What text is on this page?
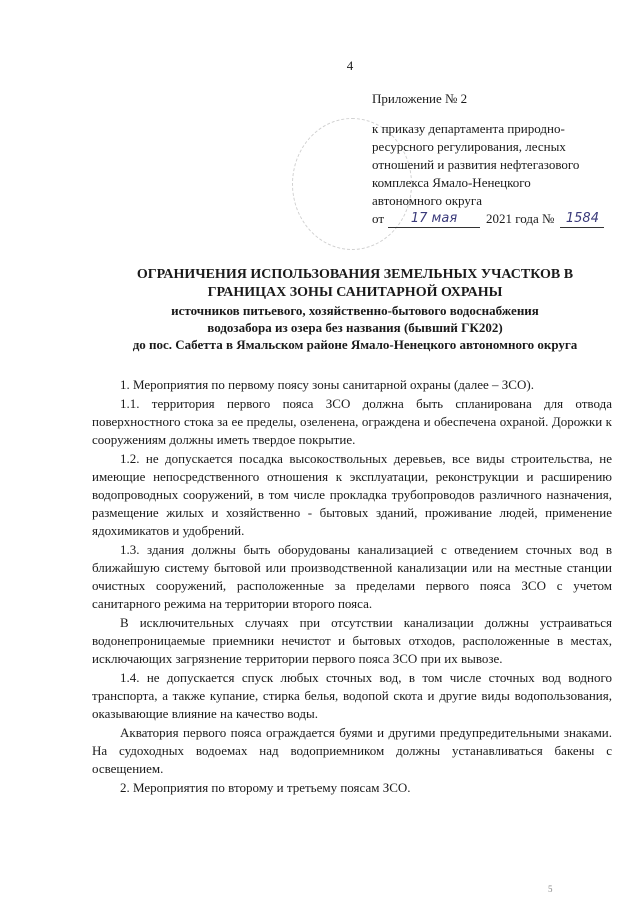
4
Приложение № 2
к приказу департамента природно-
ресурсного регулирования, лесных
отношений и развития нефтегазового
комплекса Ямало-Ненецкого
автономного округа
от	17 мая	2021 года № 1584
ОГРАНИЧЕНИЯ ИСПОЛЬЗОВАНИЯ ЗЕМЕЛЬНЫХ УЧАСТКОВ В
ГРАНИЦАХ ЗОНЫ САНИТАРНОЙ ОХРАНЫ
источников питьевого, хозяйственно-бытового водоснабжения
водозабора из озера без названия (бывший ГК202)
до пос. Сабетта в Ямальском районе Ямало-Ненецкого автономного округа

1. Мероприятия по первому поясу зоны санитарной охраны (далее – ЗСО).

1.1. территория первого пояса ЗСО должна быть спланирована для отвода поверхностного стока за ее пределы, озеленена, ограждена и обеспечена охраной. Дорожки к сооружениям должны иметь твердое покрытие.

1.2. не допускается посадка высокоствольных деревьев, все виды строительства, не имеющие непосредственного отношения к эксплуатации, реконструкции и расширению водопроводных сооружений, в том числе прокладка трубопроводов различного назначения, размещение жилых и хозяйственно - бытовых зданий, проживание людей, применение ядохимикатов и удобрений.

1.3. здания должны быть оборудованы канализацией с отведением сточных вод в ближайшую систему бытовой или производственной канализации или на местные станции очистных сооружений, расположенные за пределами первого пояса ЗСО с учетом санитарного режима на территории второго пояса.

В исключительных случаях при отсутствии канализации должны устраиваться водонепроницаемые приемники нечистот и бытовых отходов, расположенные в местах, исключающих загрязнение территории первого пояса ЗСО при их вывозе.

1.4. не допускается спуск любых сточных вод, в том числе сточных вод водного транспорта, а также купание, стирка белья, водопой скота и другие виды водопользования, оказывающие влияние на качество воды.

Акватория первого пояса ограждается буями и другими предупредительными знаками. На судоходных водоемах над водоприемником должны устанавливаться бакены с освещением.

2. Мероприятия по второму и третьему поясам ЗСО.

5
